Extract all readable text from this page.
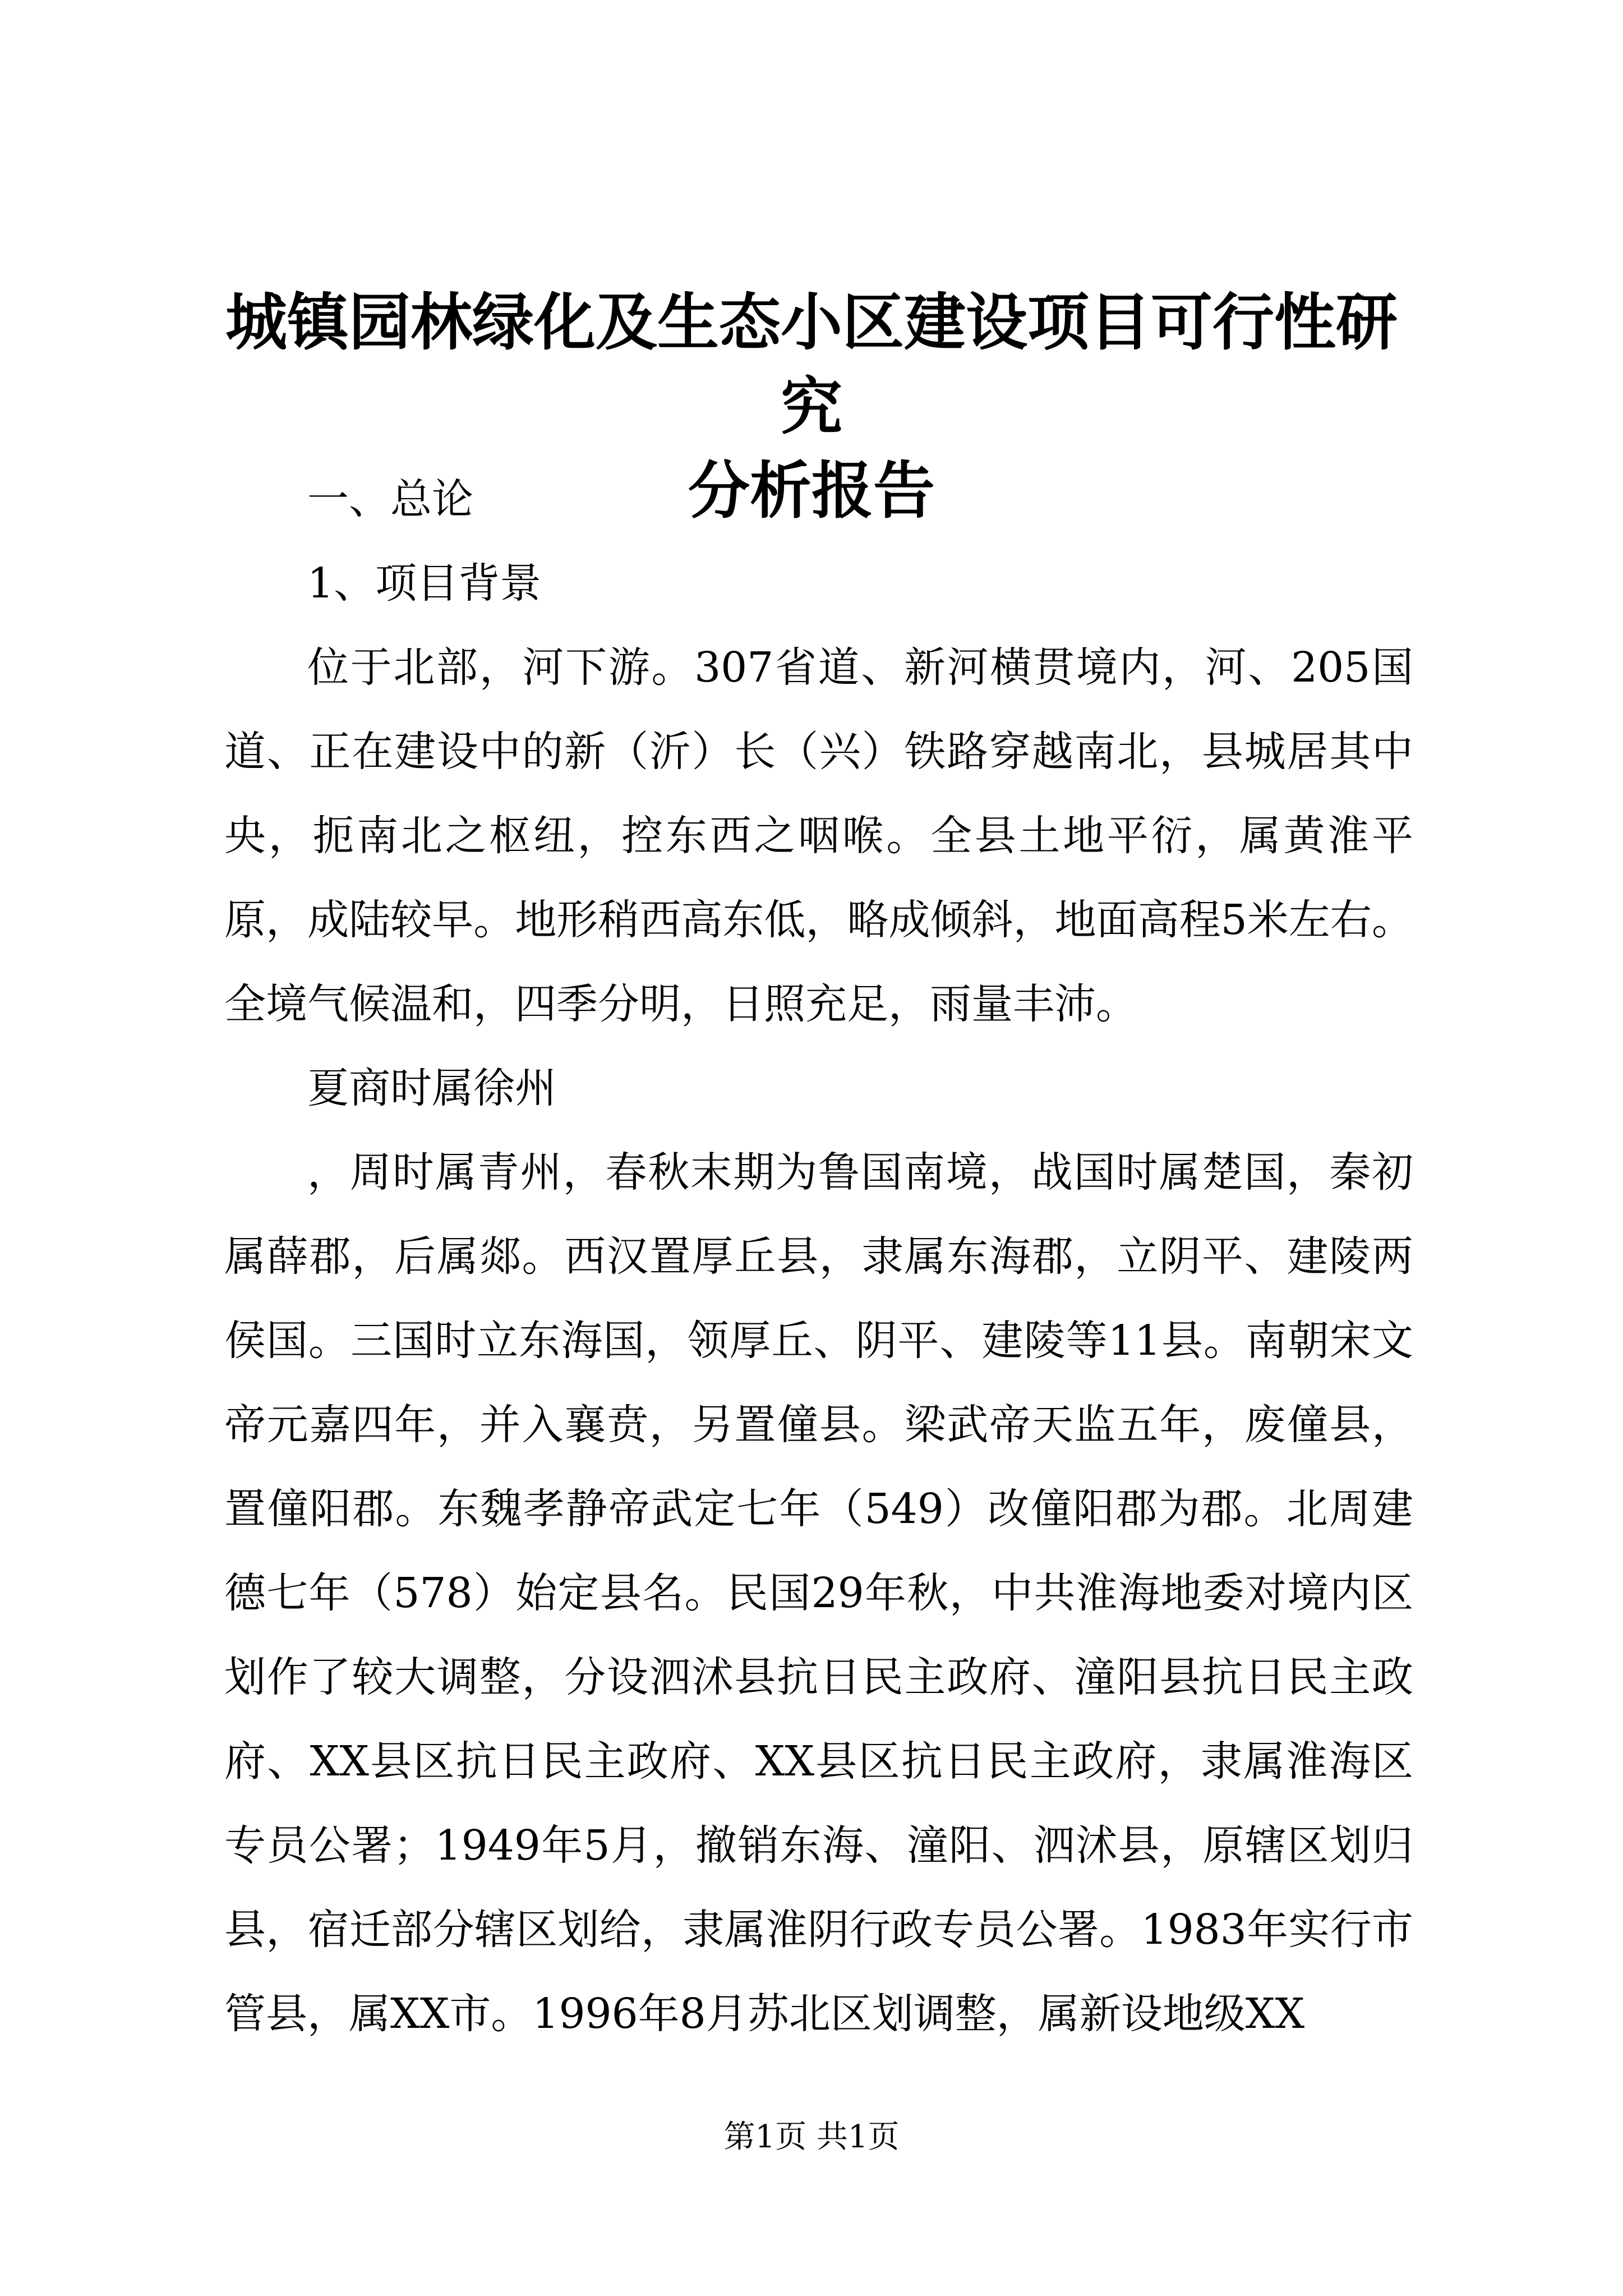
城镇园林绿化及生态小区建设项目可行性研究
分析报告

一、总论

1、项目背景

位于北部，河下游。307省道、新河横贯境内，河、205国道、正在建设中的新（沂）长（兴）铁路穿越南北，县城居其中央，扼南北之枢纽，控东西之咽喉。全县土地平衍，属黄淮平原，成陆较早。地形稍西高东低，略成倾斜，地面高程5米左右。全境气候温和，四季分明，日照充足，雨量丰沛。

夏商时属徐州

，周时属青州，春秋末期为鲁国南境，战国时属楚国，秦初属薛郡，后属郯。西汉置厚丘县，隶属东海郡，立阴平、建陵两侯国。三国时立东海国，领厚丘、阴平、建陵等11县。南朝宋文帝元嘉四年，并入襄贲，另置僮县。梁武帝天监五年，废僮县，置僮阳郡。东魏孝静帝武定七年（549）改僮阳郡为郡。北周建德七年（578）始定县名。民国29年秋，中共淮海地委对境内区划作了较大调整，分设泗沭县抗日民主政府、潼阳县抗日民主政府、XX县区抗日民主政府、XX县区抗日民主政府，隶属淮海区专员公署；1949年5月，撤销东海、潼阳、泗沭县，原辖区划归县，宿迁部分辖区划给，隶属淮阴行政专员公署。1983年实行市管县，属XX市。1996年8月苏北区划调整，属新设地级XX

第1页 共1页
